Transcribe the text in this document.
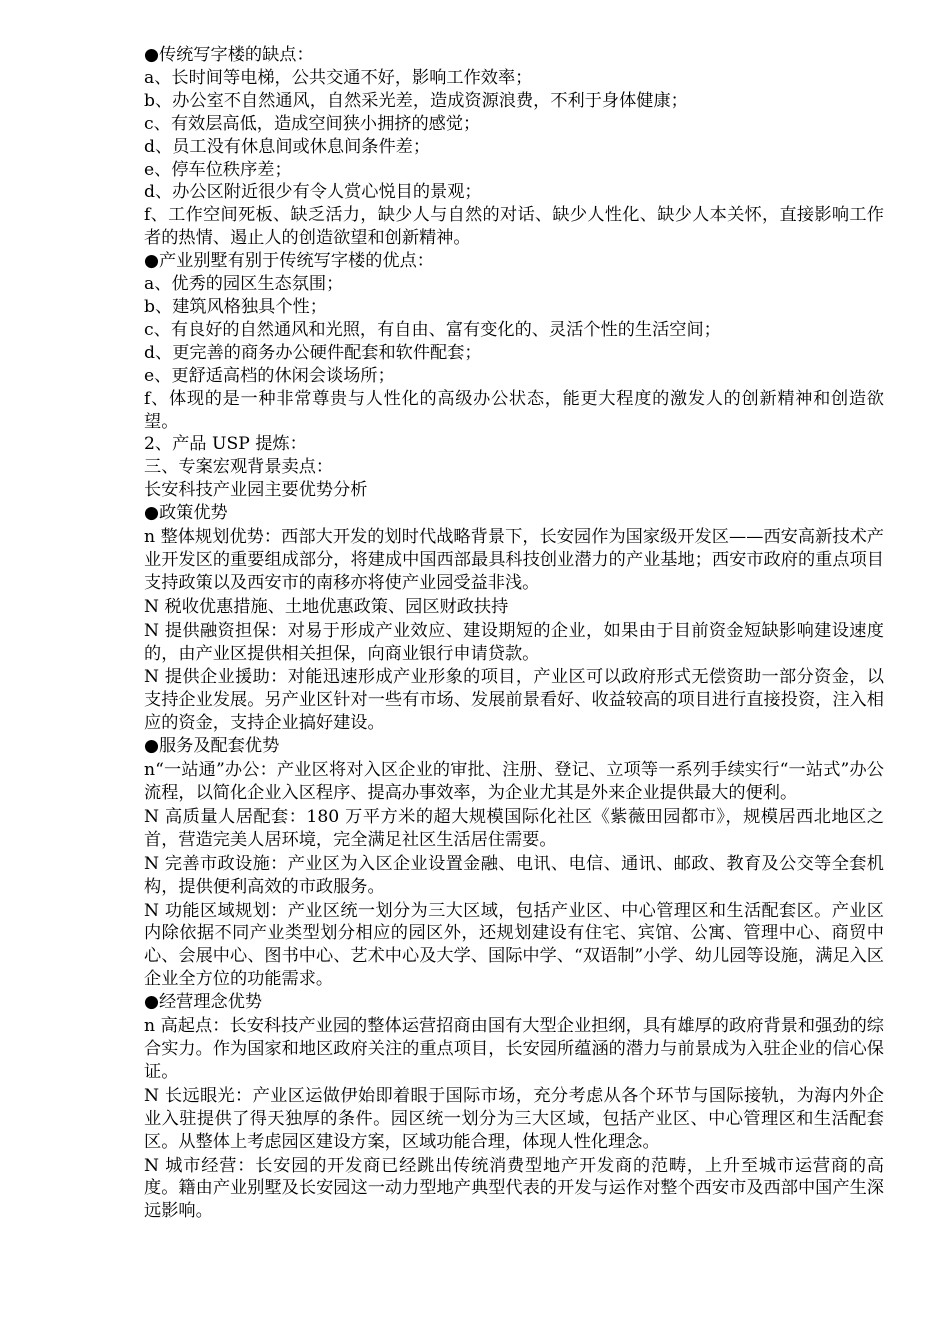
●传统写字楼的缺点：

a、长时间等电梯，公共交通不好，影响工作效率；

b、办公室不自然通风，自然采光差，造成资源浪费，不利于身体健康；

c、有效层高低，造成空间狭小拥挤的感觉；

d、员工没有休息间或休息间条件差；

e、停车位秩序差；

d、办公区附近很少有令人赏心悦目的景观；

f、工作空间死板、缺乏活力，缺少人与自然的对话、缺少人性化、缺少人本关怀，直接影响工作者的热情、遏止人的创造欲望和创新精神。

●产业别墅有别于传统写字楼的优点：

a、优秀的园区生态氛围；

b、建筑风格独具个性；

c、有良好的自然通风和光照，有自由、富有变化的、灵活个性的生活空间；

d、更完善的商务办公硬件配套和软件配套；

e、更舒适高档的休闲会谈场所；

f、体现的是一种非常尊贵与人性化的高级办公状态，能更大程度的激发人的创新精神和创造欲望。

2、产品 USP 提炼：

三、专案宏观背景卖点：

长安科技产业园主要优势分析

●政策优势

n 整体规划优势：西部大开发的划时代战略背景下，长安园作为国家级开发区——西安高新技术产业开发区的重要组成部分，将建成中国西部最具科技创业潜力的产业基地；西安市政府的重点项目支持政策以及西安市的南移亦将使产业园受益非浅。

N 税收优惠措施、土地优惠政策、园区财政扶持

N 提供融资担保：对易于形成产业效应、建设期短的企业，如果由于目前资金短缺影响建设速度的，由产业区提供相关担保，向商业银行申请贷款。

N 提供企业援助：对能迅速形成产业形象的项目，产业区可以政府形式无偿资助一部分资金，以支持企业发展。另产业区针对一些有市场、发展前景看好、收益较高的项目进行直接投资，注入相应的资金，支持企业搞好建设。

●服务及配套优势

n“一站通”办公：产业区将对入区企业的审批、注册、登记、立项等一系列手续实行“一站式”办公流程，以简化企业入区程序、提高办事效率，为企业尤其是外来企业提供最大的便利。

N 高质量人居配套：180 万平方米的超大规模国际化社区《紫薇田园都市》，规模居西北地区之首，营造完美人居环境，完全满足社区生活居住需要。

N 完善市政设施：产业区为入区企业设置金融、电讯、电信、通讯、邮政、教育及公交等全套机构，提供便利高效的市政服务。

N 功能区域规划：产业区统一划分为三大区域，包括产业区、中心管理区和生活配套区。产业区内除依据不同产业类型划分相应的园区外，还规划建设有住宅、宾馆、公寓、管理中心、商贸中心、会展中心、图书中心、艺术中心及大学、国际中学、“双语制”小学、幼儿园等设施，满足入区企业全方位的功能需求。

●经营理念优势

n 高起点：长安科技产业园的整体运营招商由国有大型企业担纲，具有雄厚的政府背景和强劲的综合实力。作为国家和地区政府关注的重点项目，长安园所蕴涵的潜力与前景成为入驻企业的信心保证。

N 长远眼光：产业区运做伊始即着眼于国际市场，充分考虑从各个环节与国际接轨，为海内外企业入驻提供了得天独厚的条件。园区统一划分为三大区域，包括产业区、中心管理区和生活配套区。从整体上考虑园区建设方案，区域功能合理，体现人性化理念。

N 城市经营：长安园的开发商已经跳出传统消费型地产开发商的范畴，上升至城市运营商的高度。籍由产业别墅及长安园这一动力型地产典型代表的开发与运作对整个西安市及西部中国产生深远影响。
